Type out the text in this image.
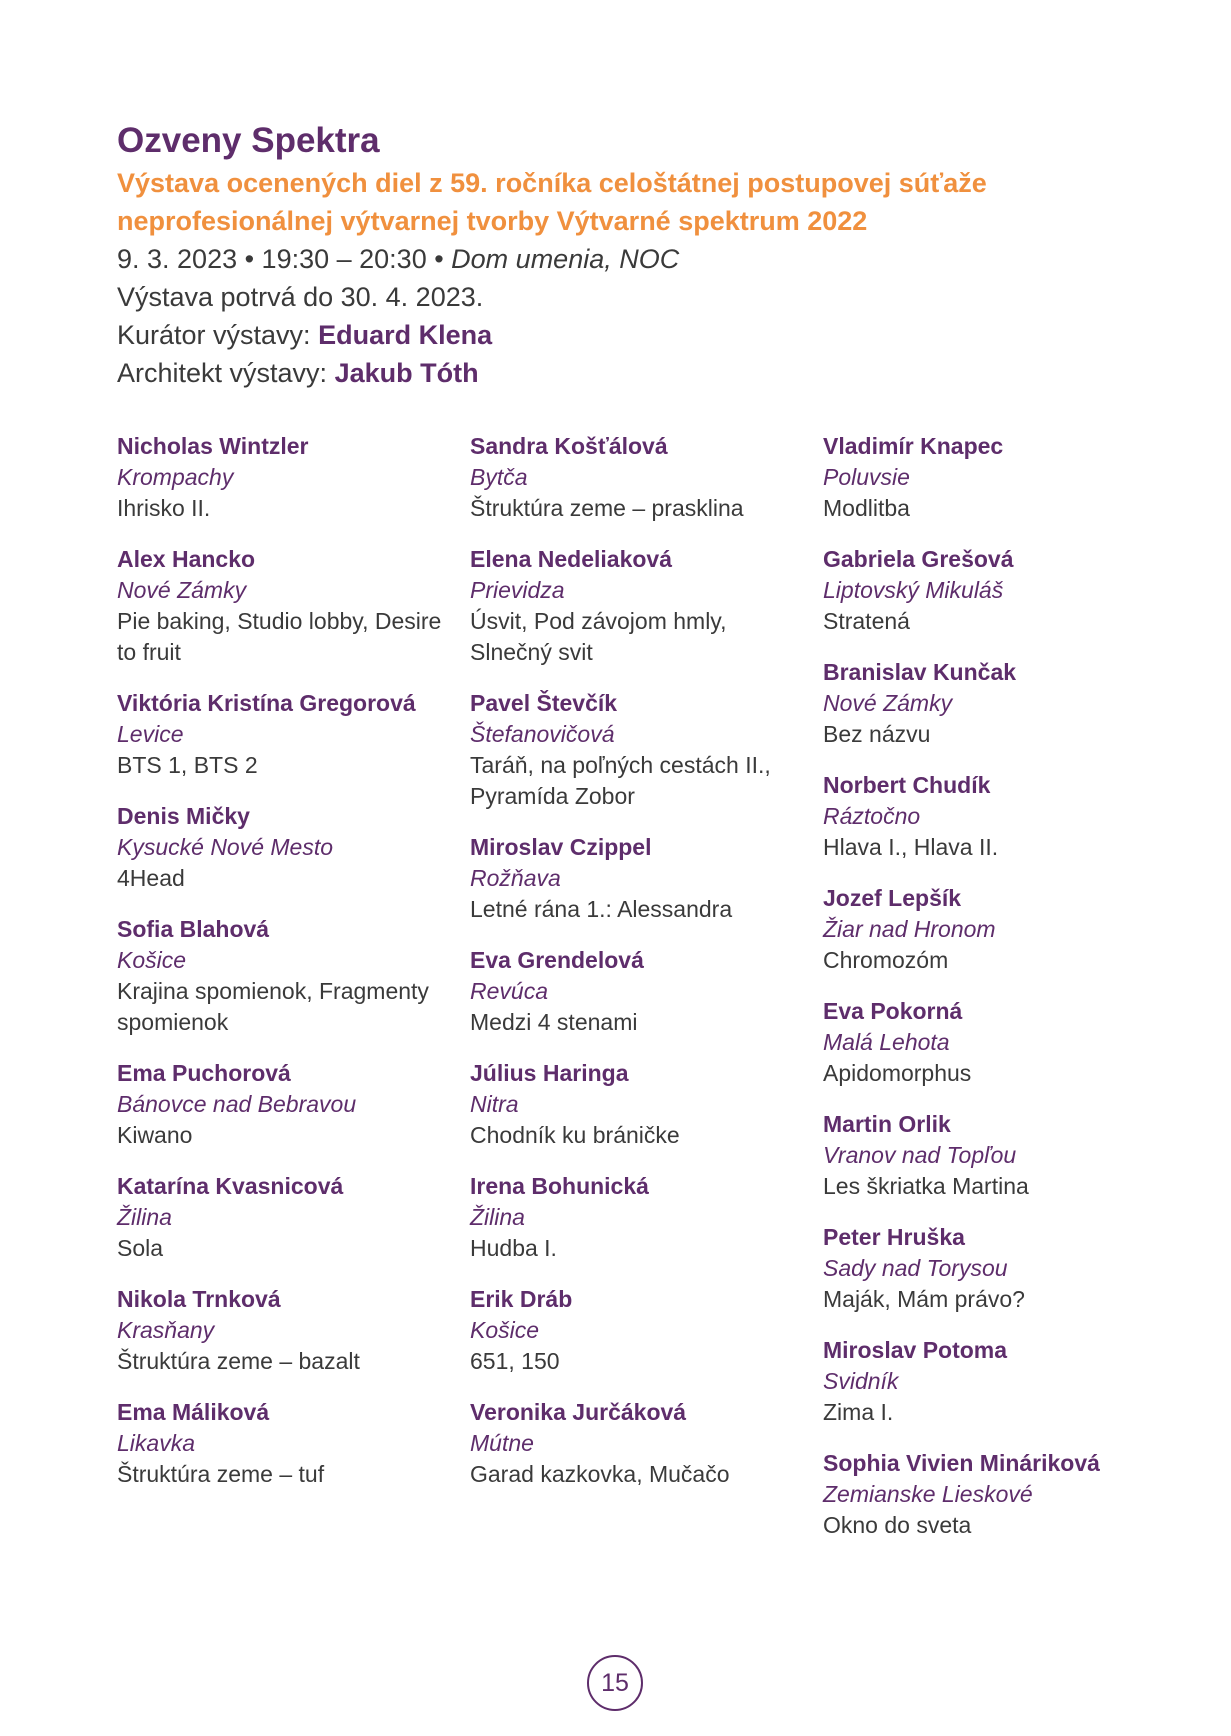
Ozveny Spektra
Výstava ocenených diel z 59. ročníka celoštátnej postupovej súťaže
neprofesionálnej výtvarnej tvorby Výtvarné spektrum 2022
9. 3. 2023 • 19:30 – 20:30 • Dom umenia, NOC
Výstava potrvá do 30. 4. 2023.
Kurátor výstavy: Eduard Klena
Architekt výstavy: Jakub Tóth
Nicholas Wintzler
Krompachy
Ihrisko II.
Alex Hancko
Nové Zámky
Pie baking, Studio lobby, Desire to fruit
Viktória Kristína Gregorová
Levice
BTS 1, BTS 2
Denis Mičky
Kysucké Nové Mesto
4Head
Sofia Blahová
Košice
Krajina spomienok, Fragmenty spomienok
Ema Puchorová
Bánovce nad Bebravou
Kiwano
Katarína Kvasnicová
Žilina
Sola
Nikola Trnková
Krasňany
Štruktúra zeme – bazalt
Ema Máliková
Likavka
Štruktúra zeme – tuf
Sandra Košťálová
Bytča
Štruktúra zeme – prasklina
Elena Nedeliaková
Prievidza
Úsvit, Pod závojom hmly, Slnečný svit
Pavel Števčík
Štefanovičová
Taráň, na poľných cestách II., Pyramída Zobor
Miroslav Czippel
Rožňava
Letné rána 1.: Alessandra
Eva Grendelová
Revúca
Medzi 4 stenami
Július Haringa
Nitra
Chodník ku bráničke
Irena Bohunická
Žilina
Hudba I.
Erik Dráb
Košice
651, 150
Veronika Jurčáková
Mútne
Garad kazkovka, Mučačo
Vladimír Knapec
Poluvsie
Modlitba
Gabriela Grešová
Liptovský Mikuláš
Stratená
Branislav Kunčak
Nové Zámky
Bez názvu
Norbert Chudík
Ráztočno
Hlava I., Hlava II.
Jozef Lepšík
Žiar nad Hronom
Chromozóm
Eva Pokorná
Malá Lehota
Apidomorphus
Martin Orlik
Vranov nad Topľou
Les škriatka Martina
Peter Hruška
Sady nad Torysou
Maják, Mám právo?
Miroslav Potoma
Svidník
Zima I.
Sophia Vivien Mináriková
Zemianske Lieskové
Okno do sveta
15
